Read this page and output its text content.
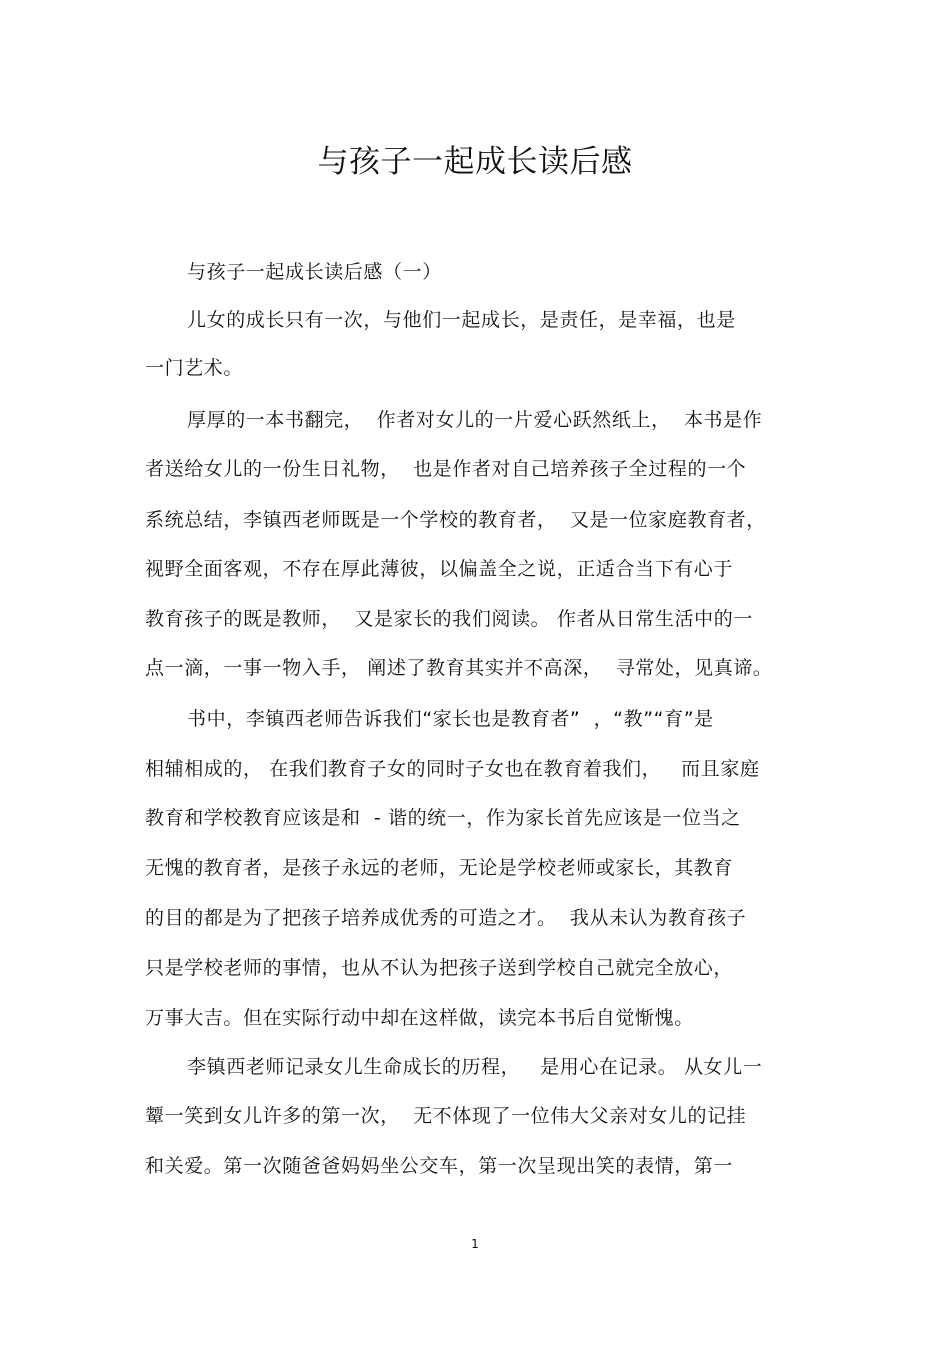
与孩子一起成长读后感
与孩子一起成长读后感（一）
儿女的成长只有一次，与他们一起成长，是责任，是幸福，也是
一门艺术。
厚厚的一本书翻完，  作者对女儿的一片爱心跃然纸上，  本书是作
者送给女儿的一份生日礼物，  也是作者对自己培养孩子全过程的一个
系统总结，李镇西老师既是一个学校的教育者，  又是一位家庭教育者，
视野全面客观，不存在厚此薄彼，以偏盖全之说，正适合当下有心于
教育孩子的既是教师，  又是家长的我们阅读。 作者从日常生活中的一
点一滴，一事一物入手， 阐述了教育其实并不高深，  寻常处，见真谛。
书中，李镇西老师告诉我们“家长也是教育者”  ，“教”“育”是
相辅相成的， 在我们教育子女的同时子女也在教育着我们，   而且家庭
教育和学校教育应该是和  - 谐的统一，作为家长首先应该是一位当之
无愧的教育者，是孩子永远的老师，无论是学校老师或家长，其教育
的目的都是为了把孩子培养成优秀的可造之才。  我从未认为教育孩子
只是学校老师的事情，也从不认为把孩子送到学校自己就完全放心，
万事大吉。但在实际行动中却在这样做，读完本书后自觉惭愧。
李镇西老师记录女儿生命成长的历程，   是用心在记录。 从女儿一
颦一笑到女儿许多的第一次，  无不体现了一位伟大父亲对女儿的记挂
和关爱。第一次随爸爸妈妈坐公交车，第一次呈现出笑的表情，第一
1
